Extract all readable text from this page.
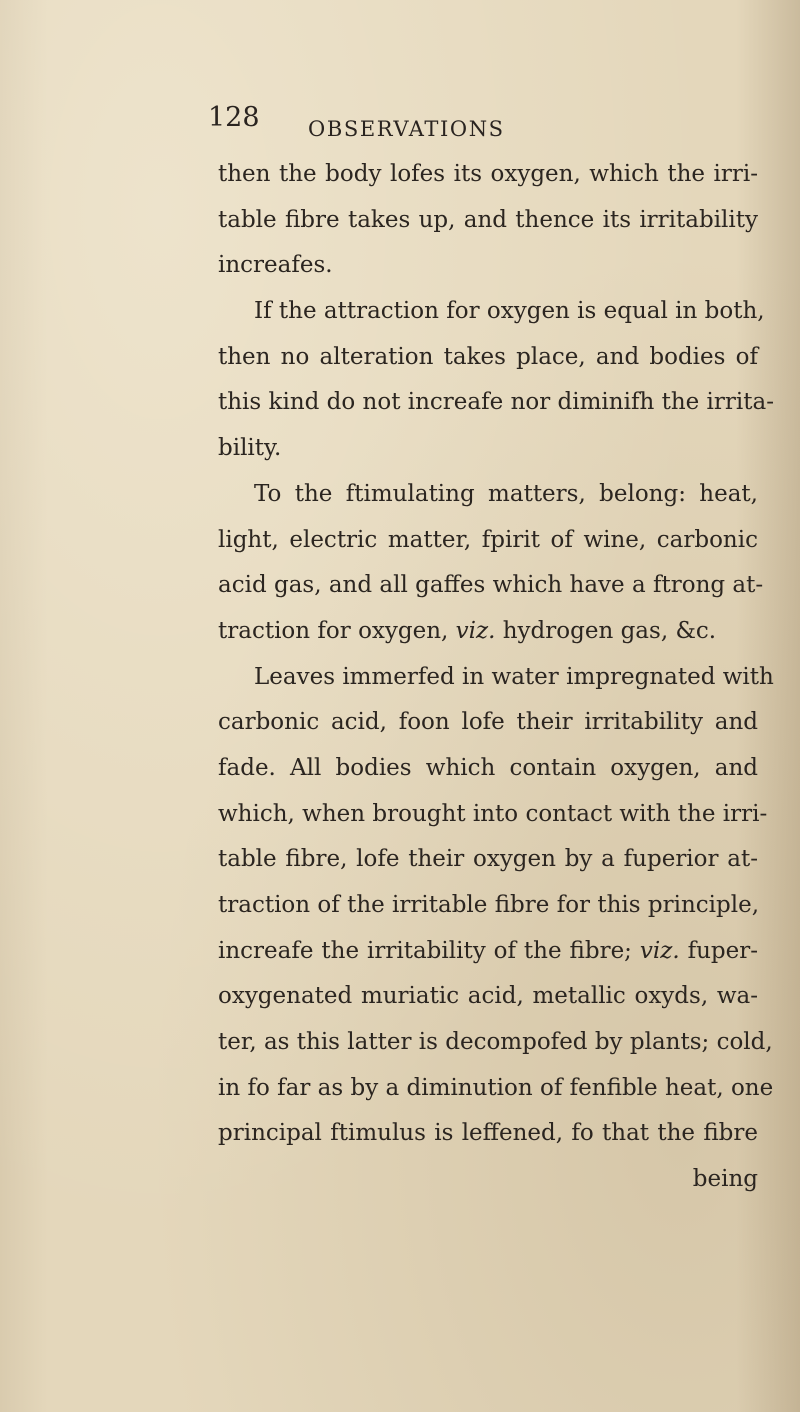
128 OBSERVATIONS
then the body lofes its oxygen, which the irri-
table fibre takes up, and thence its irritability
increafes.
If the attraction for oxygen is equal in both,
then no alteration takes place, and bodies of
this kind do not increafe nor diminifh the irrita-
bility.
To the ftimulating matters, belong: heat,
light, electric matter, fpirit of wine, carbonic
acid gas, and all gaffes which have a ftrong at-
traction for oxygen, viz. hydrogen gas, &c.
Leaves immerfed in water impregnated with
carbonic acid, foon lofe their irritability and
fade. All bodies which contain oxygen, and
which, when brought into contact with the irri-
table fibre, lofe their oxygen by a fuperior at-
traction of the irritable fibre for this principle,
increafe the irritability of the fibre; viz. fuper-
oxygenated muriatic acid, metallic oxyds, wa-
ter, as this latter is decompofed by plants; cold,
in fo far as by a diminution of fenfible heat, one
principal ftimulus is leffened, fo that the fibre
being
